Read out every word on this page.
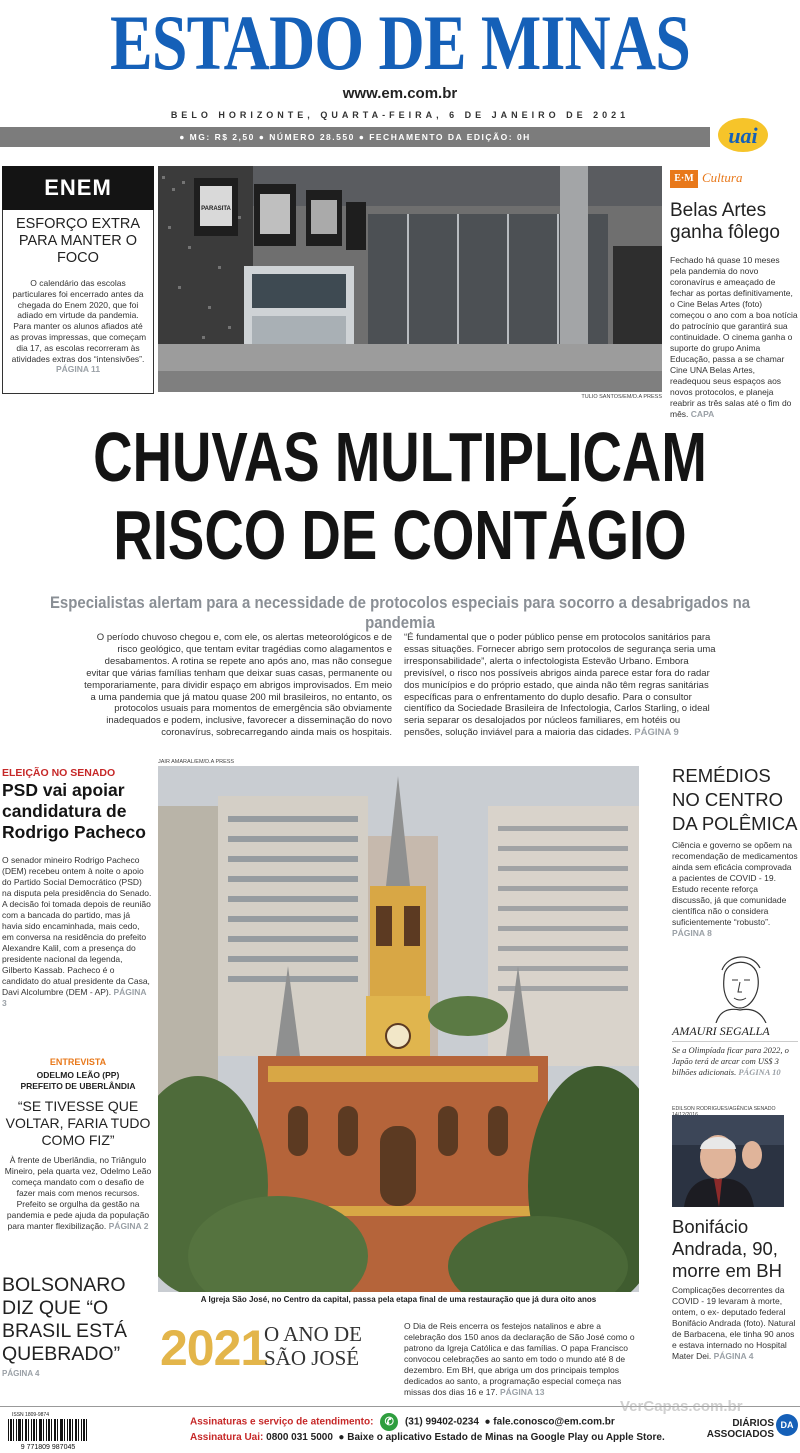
ESTADO DE MINAS
www.em.com.br
BELO HORIZONTE, QUARTA-FEIRA, 6 DE JANEIRO DE 2021
● MG: R$ 2,50 ● NÚMERO 28.550 ● FECHAMENTO DA EDIÇÃO: 0H	uai
ENEM
ESFORÇO EXTRA PARA MANTER O FOCO
O calendário das escolas particulares foi encerrado antes da chegada do Enem 2020, que foi adiado em virtude da pandemia. Para manter os alunos afiados até as provas impressas, que começam dia 17, as escolas recorreram às atividades extras dos “intensivões”. PÁGINA 11
PARASITA
TULIO SANTOS/EM/D.A PRESS
E·M Cultura
Belas Artes ganha fôlego
Fechado há quase 10 meses pela pandemia do novo coronavírus e ameaçado de fechar as portas definitivamente, o Cine Belas Artes (foto) começou o ano com a boa notícia do patrocínio que garantirá sua continuidade. O cinema ganha o suporte do grupo Anima Educação, passa a se chamar Cine UNA Belas Artes, readequou seus espaços aos novos protocolos, e planeja reabrir as três salas até o fim do mês. CAPA
CHUVAS MULTIPLICAM
RISCO DE CONTÁGIO
Especialistas alertam para a necessidade de protocolos especiais para socorro a desabrigados na pandemia
O período chuvoso chegou e, com ele, os alertas meteorológicos e de risco geológico, que tentam evitar tragédias como alagamentos e desabamentos. A rotina se repete ano após ano, mas não consegue evitar que várias famílias tenham que deixar suas casas, permanente ou temporariamente, para dividir espaço em abrigos improvisados. Em meio a uma pandemia que já matou quase 200 mil brasileiros, no entanto, os protocolos usuais para momentos de emergência são obviamente inadequados e podem, inclusive, favorecer a disseminação do novo coronavírus, sobrecarregando ainda mais os hospitais.
“É fundamental que o poder público pense em protocolos sanitários para essas situações. Fornecer abrigo sem protocolos de segurança seria uma irresponsabilidade”, alerta o infectologista Estevão Urbano. Embora previsível, o risco nos possíveis abrigos ainda parece estar fora do radar dos municípios e do próprio estado, que ainda não têm regras sanitárias específicas para o enfrentamento do duplo desafio. Para o consultor científico da Sociedade Brasileira de Infectologia, Carlos Starling, o ideal seria separar os desalojados por núcleos familiares, em hotéis ou pensões, solução inviável para a maioria das cidades. PÁGINA 9
ELEIÇÃO NO SENADO
PSD vai apoiar candidatura de Rodrigo Pacheco
O senador mineiro Rodrigo Pacheco (DEM) recebeu ontem à noite o apoio do Partido Social Democrático (PSD) na disputa pela presidência do Senado. A decisão foi tomada depois de reunião com a bancada do partido, mas já havia sido encaminhada, mais cedo, em conversa na residência do prefeito Alexandre Kalil, com a presença do presidente nacional da legenda, Gilberto Kassab. Pacheco é o candidato do atual presidente da Casa, Davi Alcolumbre (DEM - AP). PÁGINA 3
ENTREVISTA
ODELMO LEÃO (PP)
PREFEITO DE UBERLÂNDIA
“SE TIVESSE QUE VOLTAR, FARIA TUDO COMO FIZ”
À frente de Uberlândia, no Triângulo Mineiro, pela quarta vez, Odelmo Leão começa mandato com o desafio de fazer mais com menos recursos. Prefeito se orgulha da gestão na pandemia e pede ajuda da população para manter flexibilização. PÁGINA 2
BOLSONARO DIZ QUE “O BRASIL ESTÁ QUEBRADO”
PÁGINA 4
JAIR AMARAL/EM/D.A PRESS
A Igreja São José, no Centro da capital, passa pela etapa final de uma restauração que já dura oito anos
REMÉDIOS NO CENTRO DA POLÊMICA
Ciência e governo se opõem na recomendação de medicamentos ainda sem eficácia comprovada a pacientes de COVID - 19. Estudo recente reforça discussão, já que comunidade científica não o considera suficientemente “robusto”. PÁGINA 8
AMAURI SEGALLA
Se a Olimpíada ficar para 2022, o Japão terá de arcar com US$ 3 bilhões adicionais. PÁGINA 10
EDILSON RODRIGUES/AGÊNCIA SENADO
Bonifácio Andrada, 90, morre em BH
Complicações decorrentes da COVID - 19 levaram à morte, ontem, o ex- deputado federal Bonifácio Andrada (foto). Natural de Barbacena, ele tinha 90 anos e estava internado no Hospital Mater Dei. PÁGINA 4
2021
O ANO DE SÃO JOSÉ
O Dia de Reis encerra os festejos natalinos e abre a celebração dos 150 anos da declaração de São José como o patrono da Igreja Católica e das famílias. O papa Francisco convocou celebrações ao santo em todo o mundo até 8 de dezembro. Em BH, que abriga um dos principais templos dedicados ao santo, a programação especial começa nas missas dos dias 16 e 17. PÁGINA 13
ISSN 1809-9874
9 771809 987045
Assinaturas e serviço de atendimento: ✆ (31) 99402-0234  ● fale.conosco@em.com.br
Assinatura Uai: 0800 031 5000  ● Baixe o aplicativo Estado de Minas na Google Play ou Apple Store.
DIÁRIOS ASSOCIADOS
DA
VerCapas.com.br
